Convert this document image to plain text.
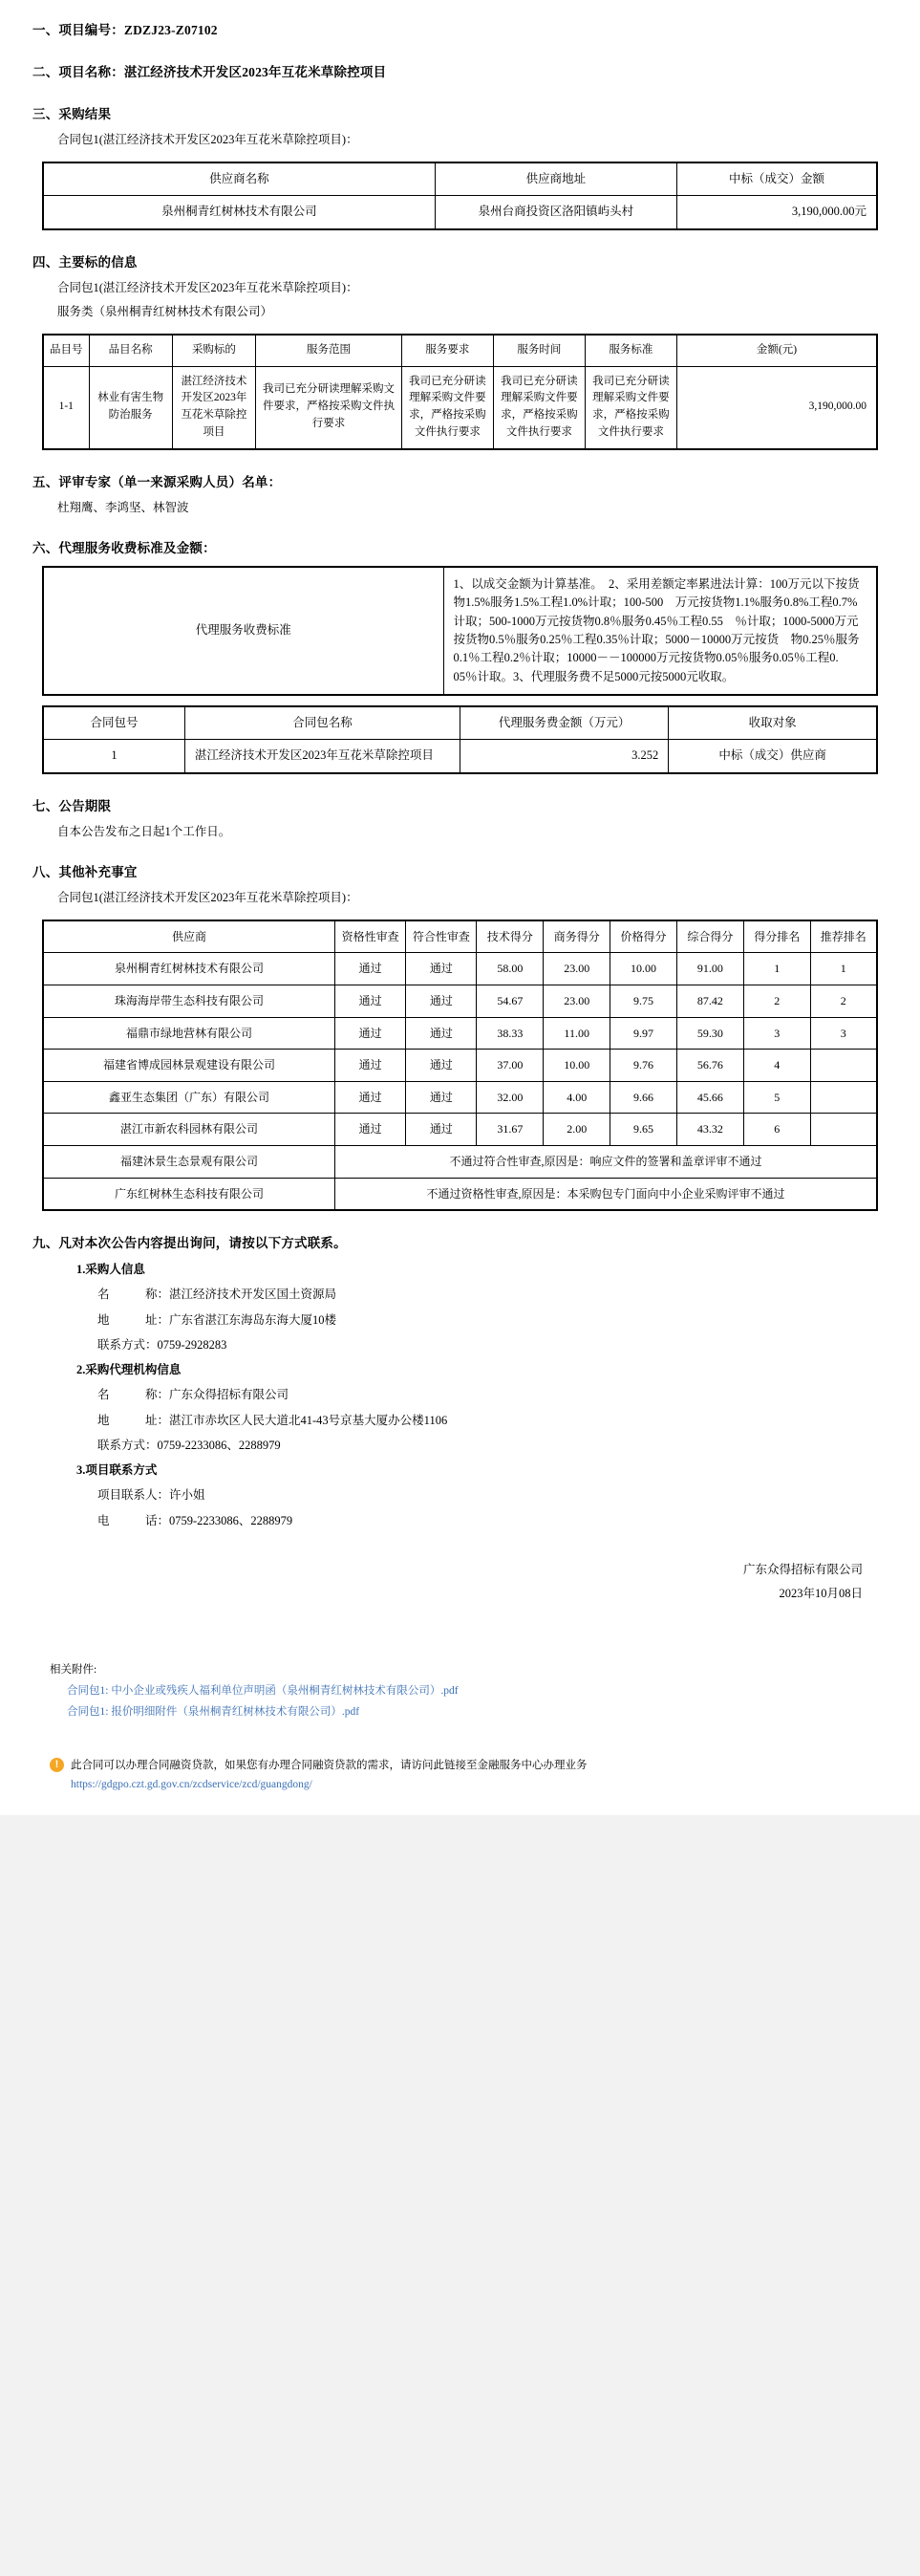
一、项目编号：ZDZJ23-Z07102
二、项目名称：湛江经济技术开发区2023年互花米草除控项目
三、采购结果
合同包1(湛江经济技术开发区2023年互花米草除控项目)：
供应商名称	供应商地址	中标（成交）金额
泉州桐青红树林技术有限公司	泉州台商投资区洛阳镇屿头村	3,190,000.00元
四、主要标的信息
合同包1(湛江经济技术开发区2023年互花米草除控项目)：
服务类（泉州桐青红树林技术有限公司）
品目号	品目名称	采购标的	服务范围	服务要求	服务时间	服务标准	金额(元)
1-1	林业有害生物防治服务	湛江经济技术开发区2023年互花米草除控项目	我司已充分研读理解采购文件要求，严格按采购文件执行要求	我司已充分研读理解采购文件要求，严格按采购文件执行要求	我司已充分研读理解采购文件要求，严格按采购文件执行要求	我司已充分研读理解采购文件要求，严格按采购文件执行要求	3,190,000.00
五、评审专家（单一来源采购人员）名单：
杜翔鹰、李鸿坚、林智波
六、代理服务收费标准及金额：
代理服务收费标准	1、以成交金额为计算基准。　2、采用差额定率累进法计算：100万元以下按货物1.5%服务1.5%工程1.0%计取；100-500　万元按货物1.1%服务0.8%工程0.7%计取；500-1000万元按货物0.8％服务0.45％工程0.55　％计取；1000-5000万元按货物0.5％服务0.25％工程0.35％计取；5000－10000万元按货　物0.25％服务0.1％工程0.2％计取；10000－－100000万元按货物0.05％服务0.05％工程0.　05％计取。3、代理服务费不足5000元按5000元收取。
合同包号	合同包名称	代理服务费金额（万元）	收取对象
1	湛江经济技术开发区2023年互花米草除控项目	3.252	中标（成交）供应商
七、公告期限
自本公告发布之日起1个工作日。
八、其他补充事宜
合同包1(湛江经济技术开发区2023年互花米草除控项目)：
供应商	资格性审查	符合性审查	技术得分	商务得分	价格得分	综合得分	得分排名	推荐排名
泉州桐青红树林技术有限公司	通过	通过	58.00	23.00	10.00	91.00	1	1
珠海海岸带生态科技有限公司	通过	通过	54.67	23.00	9.75	87.42	2	2
福鼎市绿地营林有限公司	通过	通过	38.33	11.00	9.97	59.30	3	3
福建省博成园林景观建设有限公司	通过	通过	37.00	10.00	9.76	56.76	4	
鑫亚生态集团（广东）有限公司	通过	通过	32.00	4.00	9.66	45.66	5	
湛江市新农科园林有限公司	通过	通过	31.67	2.00	9.65	43.32	6	
福建沐景生态景观有限公司	不通过符合性审查,原因是：响应文件的签署和盖章评审不通过							
广东红树林生态科技有限公司	不通过资格性审查,原因是：本采购包专门面向中小企业采购评审不通过							
九、凡对本次公告内容提出询问，请按以下方式联系。
1.采购人信息
名　　　称：湛江经济技术开发区国土资源局
地　　　址：广东省湛江东海岛东海大厦10楼
联系方式：0759-2928283
2.采购代理机构信息
名　　　称：广东众得招标有限公司
地　　　址：湛江市赤坎区人民大道北41-43号京基大厦办公楼1106
联系方式：0759-2233086、2288979
3.项目联系方式
项目联系人：许小姐
电　　　话：0759-2233086、2288979
广东众得招标有限公司
2023年10月08日
相关附件:
合同包1: 中小企业或残疾人福利单位声明函（泉州桐青红树林技术有限公司）.pdf
合同包1: 报价明细附件（泉州桐青红树林技术有限公司）.pdf
!	此合同可以办理合同融资贷款，如果您有办理合同融资贷款的需求，请访问此链接至金融服务中心办理业务
https://gdgpo.czt.gd.gov.cn/zcdservice/zcd/guangdong/
